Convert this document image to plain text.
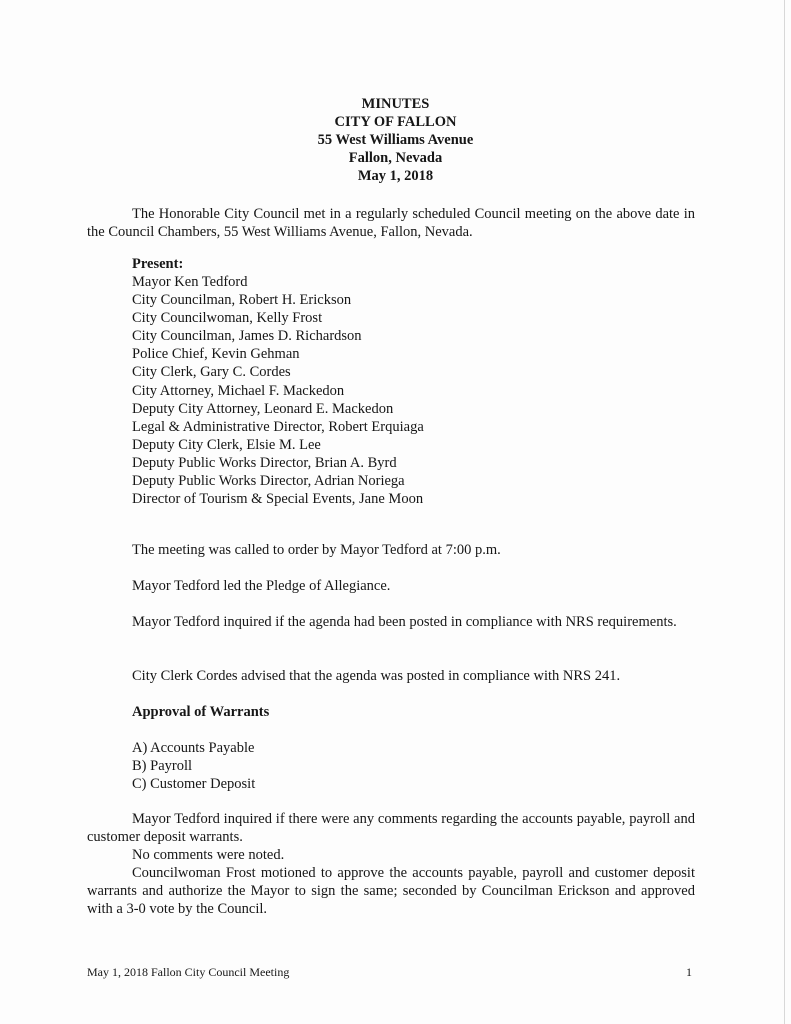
MINUTES
CITY OF FALLON
55 West Williams Avenue
Fallon, Nevada
May 1, 2018

The Honorable City Council met in a regularly scheduled Council meeting on the above date in the Council Chambers, 55 West Williams Avenue, Fallon, Nevada.

Present:
Mayor Ken Tedford
City Councilman, Robert H. Erickson
City Councilwoman, Kelly Frost
City Councilman, James D. Richardson
Police Chief, Kevin Gehman
City Clerk, Gary C. Cordes
City Attorney, Michael F. Mackedon
Deputy City Attorney, Leonard E. Mackedon
Legal & Administrative Director, Robert Erquiaga
Deputy City Clerk, Elsie M. Lee
Deputy Public Works Director, Brian A. Byrd
Deputy Public Works Director, Adrian Noriega
Director of Tourism & Special Events, Jane Moon

The meeting was called to order by Mayor Tedford at 7:00 p.m.

Mayor Tedford led the Pledge of Allegiance.

Mayor Tedford inquired if the agenda had been posted in compliance with NRS requirements.

City Clerk Cordes advised that the agenda was posted in compliance with NRS 241.

Approval of Warrants
A) Accounts Payable
B) Payroll
C) Customer Deposit

Mayor Tedford inquired if there were any comments regarding the accounts payable, payroll and customer deposit warrants.

No comments were noted.

Councilwoman Frost motioned to approve the accounts payable, payroll and customer deposit warrants and authorize the Mayor to sign the same; seconded by Councilman Erickson and approved with a 3-0 vote by the Council.

May 1, 2018 Fallon City Council Meeting	1
